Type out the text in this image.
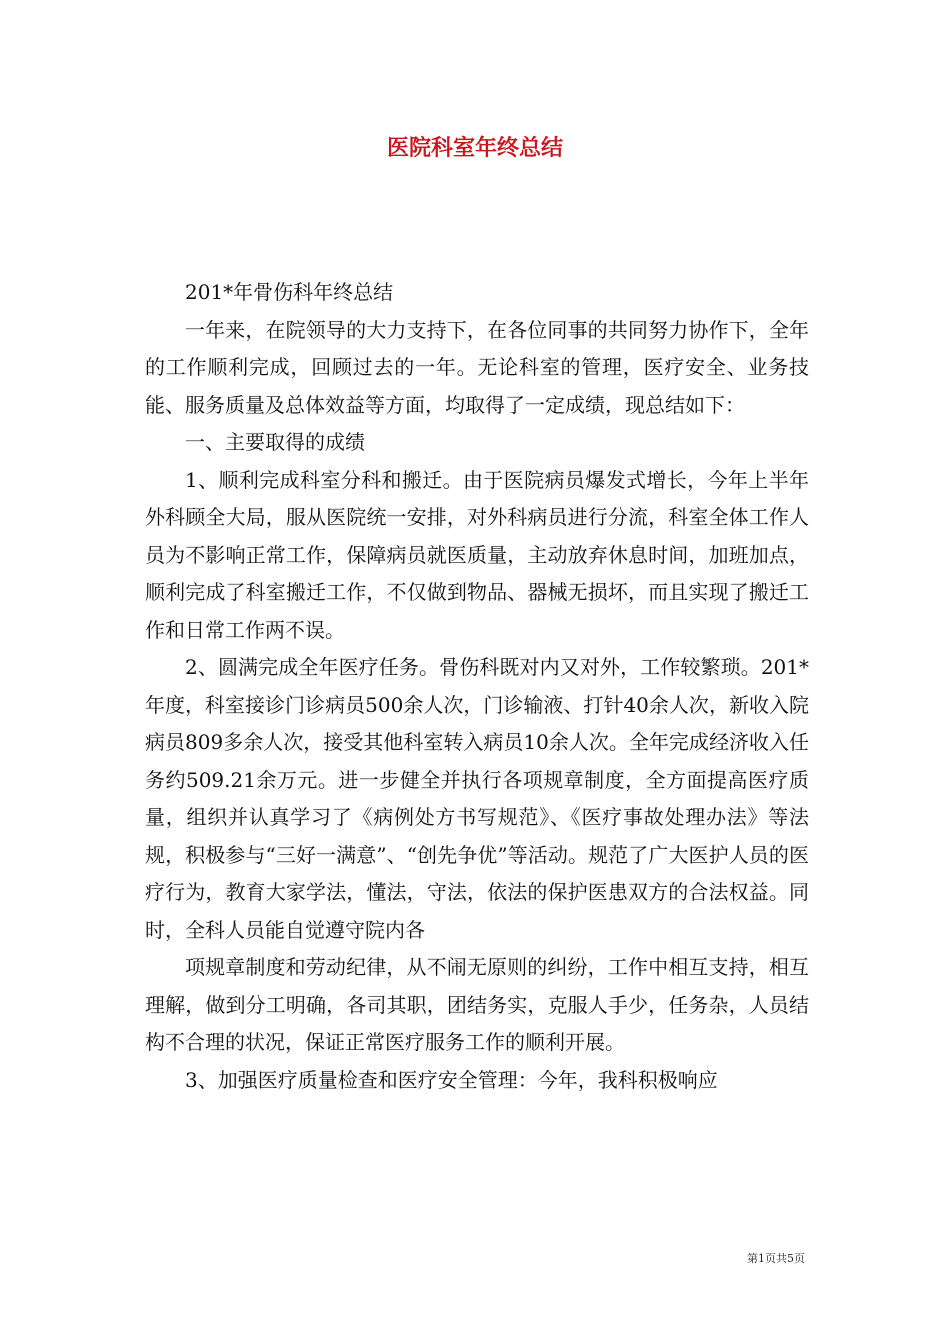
医院科室年终总结

201*年骨伤科年终总结

一年来，在院领导的大力支持下，在各位同事的共同努力协作下，全年的工作顺利完成，回顾过去的一年。无论科室的管理，医疗安全、业务技能、服务质量及总体效益等方面，均取得了一定成绩，现总结如下：

一、主要取得的成绩

1、顺利完成科室分科和搬迁。由于医院病员爆发式增长，今年上半年外科顾全大局，服从医院统一安排，对外科病员进行分流，科室全体工作人员为不影响正常工作，保障病员就医质量，主动放弃休息时间，加班加点，顺利完成了科室搬迁工作，不仅做到物品、器械无损坏，而且实现了搬迁工作和日常工作两不误。

2、圆满完成全年医疗任务。骨伤科既对内又对外，工作较繁琐。201*年度，科室接诊门诊病员500余人次，门诊输液、打针40余人次，新收入院病员809多余人次，接受其他科室转入病员10余人次。全年完成经济收入任务约509.21余万元。进一步健全并执行各项规章制度，全方面提高医疗质量，组织并认真学习了《病例处方书写规范》、《医疗事故处理办法》等法规，积极参与“三好一满意”、“创先争优”等活动。规范了广大医护人员的医疗行为，教育大家学法，懂法，守法，依法的保护医患双方的合法权益。同时，全科人员能自觉遵守院内各

项规章制度和劳动纪律，从不闹无原则的纠纷，工作中相互支持，相互理解，做到分工明确，各司其职，团结务实，克服人手少，任务杂，人员结构不合理的状况，保证正常医疗服务工作的顺利开展。

3、加强医疗质量检查和医疗安全管理：今年，我科积极响应

第1页共5页
